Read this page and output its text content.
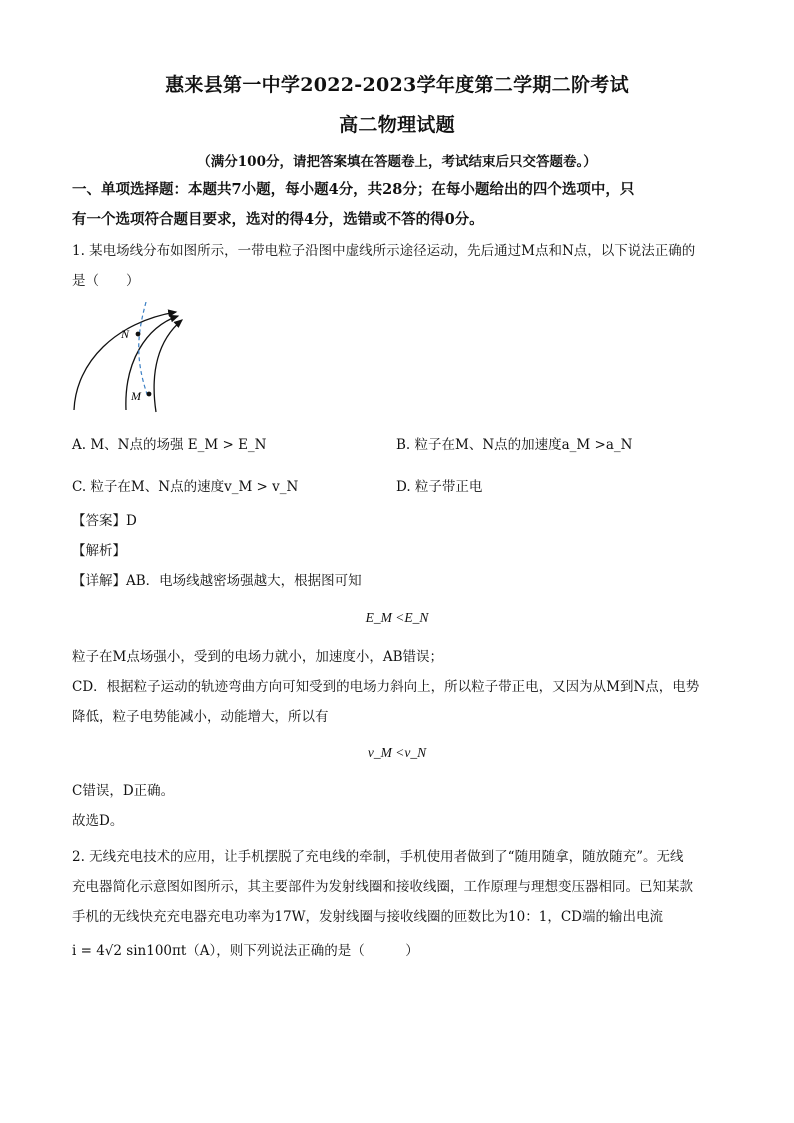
惠来县第一中学2022-2023学年度第二学期二阶考试
高二物理试题
（满分100分，请把答案填在答题卷上，考试结束后只交答题卷。）
一、单项选择题：本题共7小题，每小题4分，共28分；在每小题给出的四个选项中，只
有一个选项符合题目要求，选对的得4分，选错或不答的得0分。
1. 某电场线分布如图所示，一带电粒子沿图中虚线所示途径运动，先后通过M点和N点，以下说法正确的
是（　　）
N
M
A. M、N点的场强 E_M > E_N	B. 粒子在M、N点的加速度a_M >a_N
C. 粒子在M、N点的速度v_M > v_N	D. 粒子带正电
【答案】D
【解析】
【详解】AB．电场线越密场强越大，根据图可知
E_M <E_N
粒子在M点场强小，受到的电场力就小，加速度小，AB错误；
CD．根据粒子运动的轨迹弯曲方向可知受到的电场力斜向上，所以粒子带正电，又因为从M到N点，电势
降低，粒子电势能减小，动能增大，所以有
v_M <v_N
C错误，D正确。
故选D。
2. 无线充电技术的应用，让手机摆脱了充电线的牵制，手机使用者做到了“随用随拿，随放随充”。无线
充电器简化示意图如图所示，其主要部件为发射线圈和接收线圈，工作原理与理想变压器相同。已知某款
手机的无线快充充电器充电功率为17W，发射线圈与接收线圈的匝数比为10：1，CD端的输出电流
i = 4√2 sin100πt（A），则下列说法正确的是（　　　）
